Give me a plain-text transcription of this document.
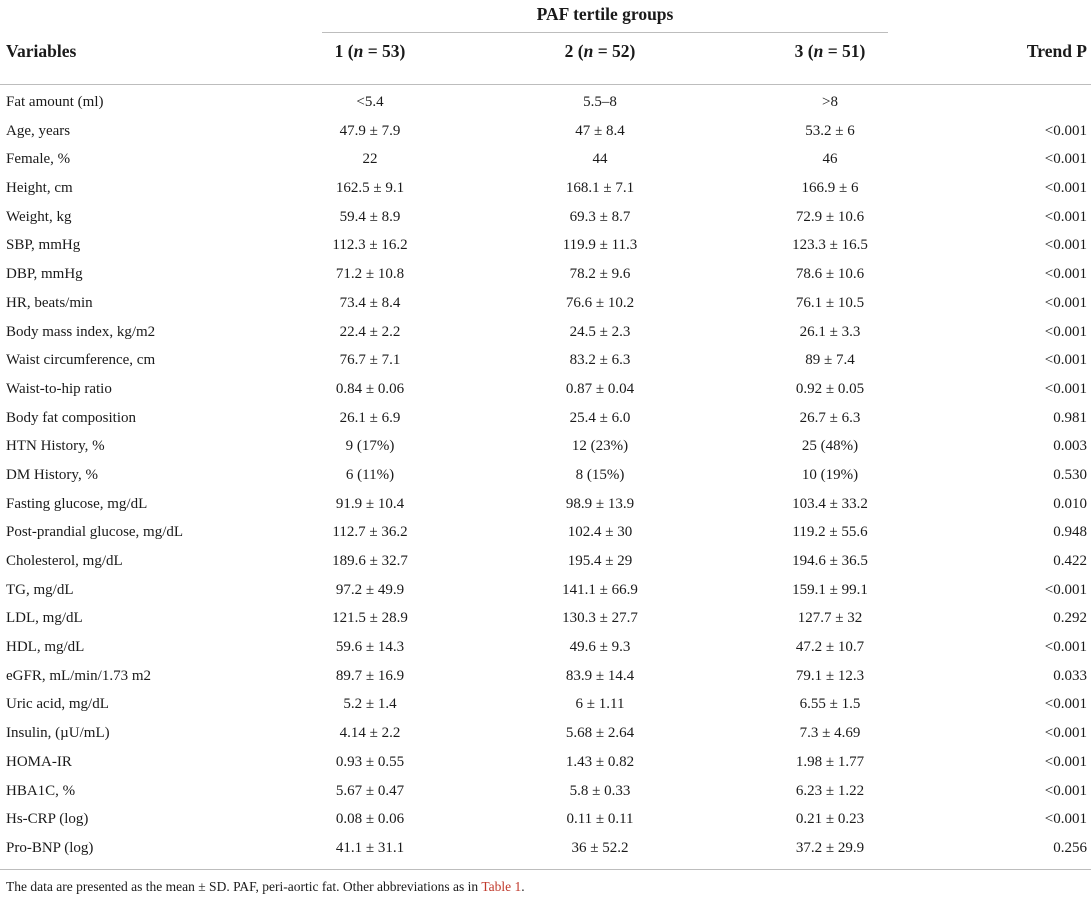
PAF tertile groups
Variables	1 (n = 53)	2 (n = 52)	3 (n = 51)	Trend P
Fat amount (ml)	<5.4	5.5–8	>8
Age, years	47.9 ± 7.9	47 ± 8.4	53.2 ± 6	<0.001
Female, %	22	44	46	<0.001
Height, cm	162.5 ± 9.1	168.1 ± 7.1	166.9 ± 6	<0.001
Weight, kg	59.4 ± 8.9	69.3 ± 8.7	72.9 ± 10.6	<0.001
SBP, mmHg	112.3 ± 16.2	119.9 ± 11.3	123.3 ± 16.5	<0.001
DBP, mmHg	71.2 ± 10.8	78.2 ± 9.6	78.6 ± 10.6	<0.001
HR, beats/min	73.4 ± 8.4	76.6 ± 10.2	76.1 ± 10.5	<0.001
Body mass index, kg/m2	22.4 ± 2.2	24.5 ± 2.3	26.1 ± 3.3	<0.001
Waist circumference, cm	76.7 ± 7.1	83.2 ± 6.3	89 ± 7.4	<0.001
Waist-to-hip ratio	0.84 ± 0.06	0.87 ± 0.04	0.92 ± 0.05	<0.001
Body fat composition	26.1 ± 6.9	25.4 ± 6.0	26.7 ± 6.3	0.981
HTN History, %	9 (17%)	12 (23%)	25 (48%)	0.003
DM History, %	6 (11%)	8 (15%)	10 (19%)	0.530
Fasting glucose, mg/dL	91.9 ± 10.4	98.9 ± 13.9	103.4 ± 33.2	0.010
Post-prandial glucose, mg/dL	112.7 ± 36.2	102.4 ± 30	119.2 ± 55.6	0.948
Cholesterol, mg/dL	189.6 ± 32.7	195.4 ± 29	194.6 ± 36.5	0.422
TG, mg/dL	97.2 ± 49.9	141.1 ± 66.9	159.1 ± 99.1	<0.001
LDL, mg/dL	121.5 ± 28.9	130.3 ± 27.7	127.7 ± 32	0.292
HDL, mg/dL	59.6 ± 14.3	49.6 ± 9.3	47.2 ± 10.7	<0.001
eGFR, mL/min/1.73 m2	89.7 ± 16.9	83.9 ± 14.4	79.1 ± 12.3	0.033
Uric acid, mg/dL	5.2 ± 1.4	6 ± 1.11	6.55 ± 1.5	<0.001
Insulin, (µU/mL)	4.14 ± 2.2	5.68 ± 2.64	7.3 ± 4.69	<0.001
HOMA-IR	0.93 ± 0.55	1.43 ± 0.82	1.98 ± 1.77	<0.001
HBA1C, %	5.67 ± 0.47	5.8 ± 0.33	6.23 ± 1.22	<0.001
Hs-CRP (log)	0.08 ± 0.06	0.11 ± 0.11	0.21 ± 0.23	<0.001
Pro-BNP (log)	41.1 ± 31.1	36 ± 52.2	37.2 ± 29.9	0.256
The data are presented as the mean ± SD. PAF, peri-aortic fat. Other abbreviations as in Table 1.
